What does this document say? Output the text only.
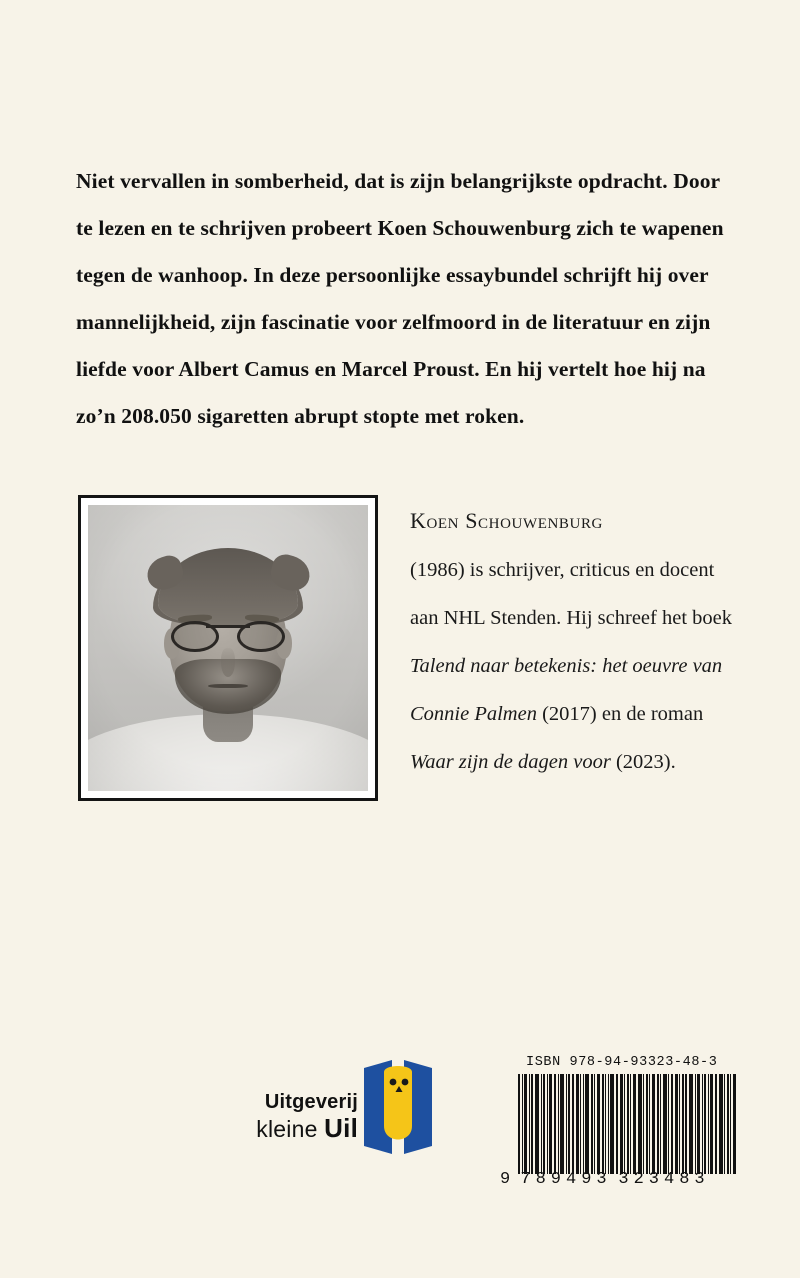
Niet vervallen in somberheid, dat is zijn belangrijkste opdracht. Door te lezen en te schrijven probeert Koen Schouwenburg zich te wapenen tegen de wanhoop. In deze persoonlijke essaybundel schrijft hij over mannelijkheid, zijn fascinatie voor zelfmoord in de literatuur en zijn liefde voor Albert Camus en Marcel Proust. En hij vertelt hoe hij na zo’n 208.050 sigaretten abrupt stopte met roken.

Koen Schouwenburg
(1986) is schrijver, criticus en docent aan NHL Stenden. Hij schreef het boek Talend naar betekenis: het oeuvre van Connie Palmen (2017) en de roman Waar zijn de dagen voor (2023).
Uitgeverij
kleine Uil
ISBN 978-94-93323-48-3
9 789493 323483
